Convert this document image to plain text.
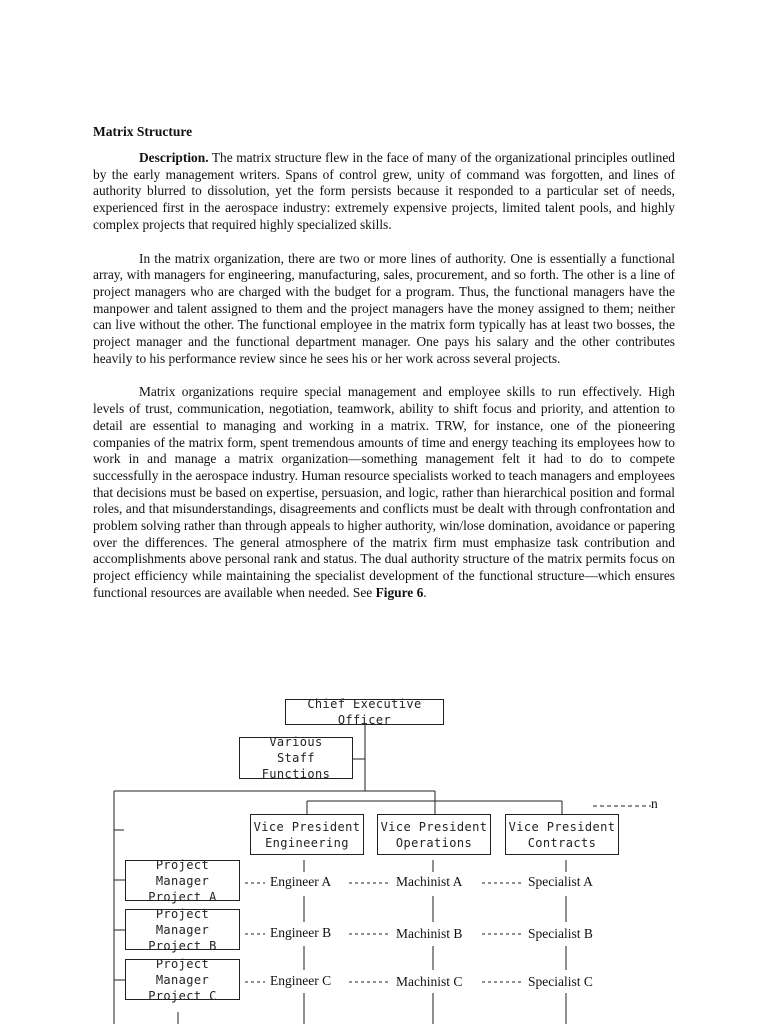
Matrix Structure

Description. The matrix structure flew in the face of many of the organizational principles outlined by the early management writers. Spans of control grew, unity of command was forgotten, and lines of authority blurred to dissolution, yet the form persists because it responded to a particular set of needs, experienced first in the aerospace industry: extremely expensive projects, limited talent pools, and highly complex projects that required highly specialized skills.

In the matrix organization, there are two or more lines of authority. One is essentially a functional array, with managers for engineering, manufacturing, sales, procurement, and so forth. The other is a line of project managers who are charged with the budget for a program. Thus, the functional managers have the manpower and talent assigned to them and the project managers have the money assigned to them; neither can live without the other. The functional employee in the matrix form typically has at least two bosses, the project manager and the functional department manager. One pays his salary and the other contributes heavily to his performance review since he sees his or her work across several projects.

Matrix organizations require special management and employee skills to run effectively. High levels of trust, communication, negotiation, teamwork, ability to shift focus and priority, and attention to detail are essential to managing and working in a matrix. TRW, for instance, one of the pioneering companies of the matrix form, spent tremendous amounts of time and energy teaching its employees how to work in and manage a matrix organization—something management felt it had to do to compete successfully in the aerospace industry. Human resource specialists worked to teach managers and employees that decisions must be based on expertise, persuasion, and logic, rather than hierarchical position and formal roles, and that misunderstandings, disagreements and conflicts must be dealt with through confrontation and problem solving rather than through appeals to higher authority, win/lose domination, avoidance or papering over the differences. The general atmosphere of the matrix firm must emphasize task contribution and accomplishments above personal rank and status. The dual authority structure of the matrix permits focus on project efficiency while maintaining the specialist development of the functional structure—which ensures functional resources are available when needed. See Figure 6.

Chief Executive Officer
Various
Staff Functions
Vice President
Engineering
Vice President
Operations
Vice President
Contracts
n
Project Manager
Project A
Project Manager
Project B
Project Manager
Project C
Engineer A	Machinist A	Specialist A
Engineer B	Machinist B	Specialist B
Engineer C	Machinist C	Specialist C
